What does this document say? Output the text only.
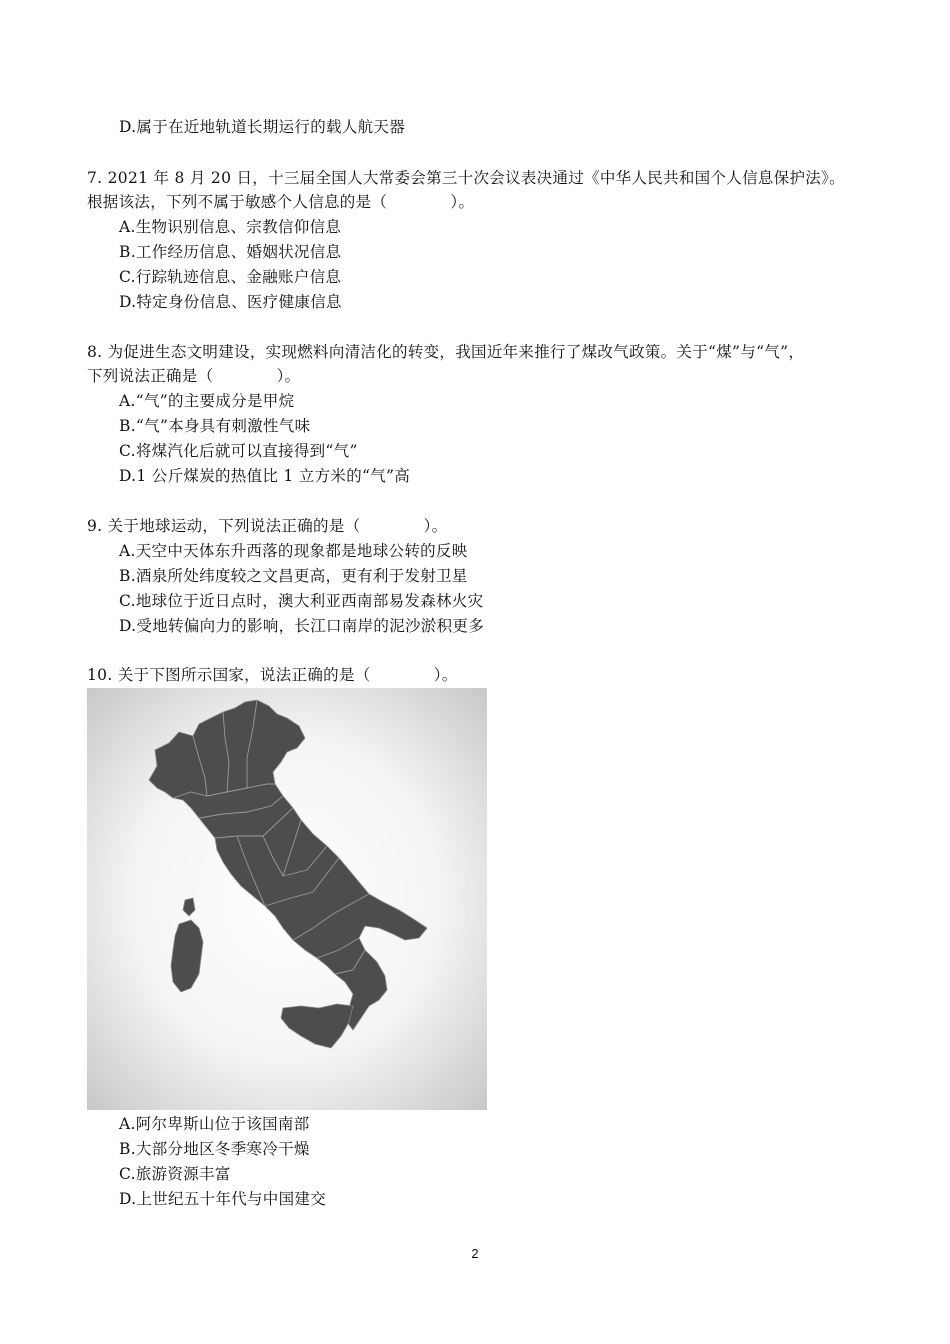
D.属于在近地轨道长期运行的载人航天器
7. 2021 年 8 月 20 日，十三届全国人大常委会第三十次会议表决通过《中华人民共和国个人信息保护法》。
根据该法，下列不属于敏感个人信息的是（　　　　）。
A.生物识别信息、宗教信仰信息
B.工作经历信息、婚姻状况信息
C.行踪轨迹信息、金融账户信息
D.特定身份信息、医疗健康信息
8. 为促进生态文明建设，实现燃料向清洁化的转变，我国近年来推行了煤改气政策。关于“煤”与“气”，
下列说法正确是（　　　　）。
A.“气”的主要成分是甲烷
B.“气”本身具有刺激性气味
C.将煤汽化后就可以直接得到“气”
D.1 公斤煤炭的热值比 1 立方米的“气”高
9. 关于地球运动，下列说法正确的是（　　　　）。
A.天空中天体东升西落的现象都是地球公转的反映
B.酒泉所处纬度较之文昌更高，更有利于发射卫星
C.地球位于近日点时，澳大利亚西南部易发森林火灾
D.受地转偏向力的影响，长江口南岸的泥沙淤积更多
10. 关于下图所示国家，说法正确的是（　　　　）。
A.阿尔卑斯山位于该国南部
B.大部分地区冬季寒冷干燥
C.旅游资源丰富
D.上世纪五十年代与中国建交
2
